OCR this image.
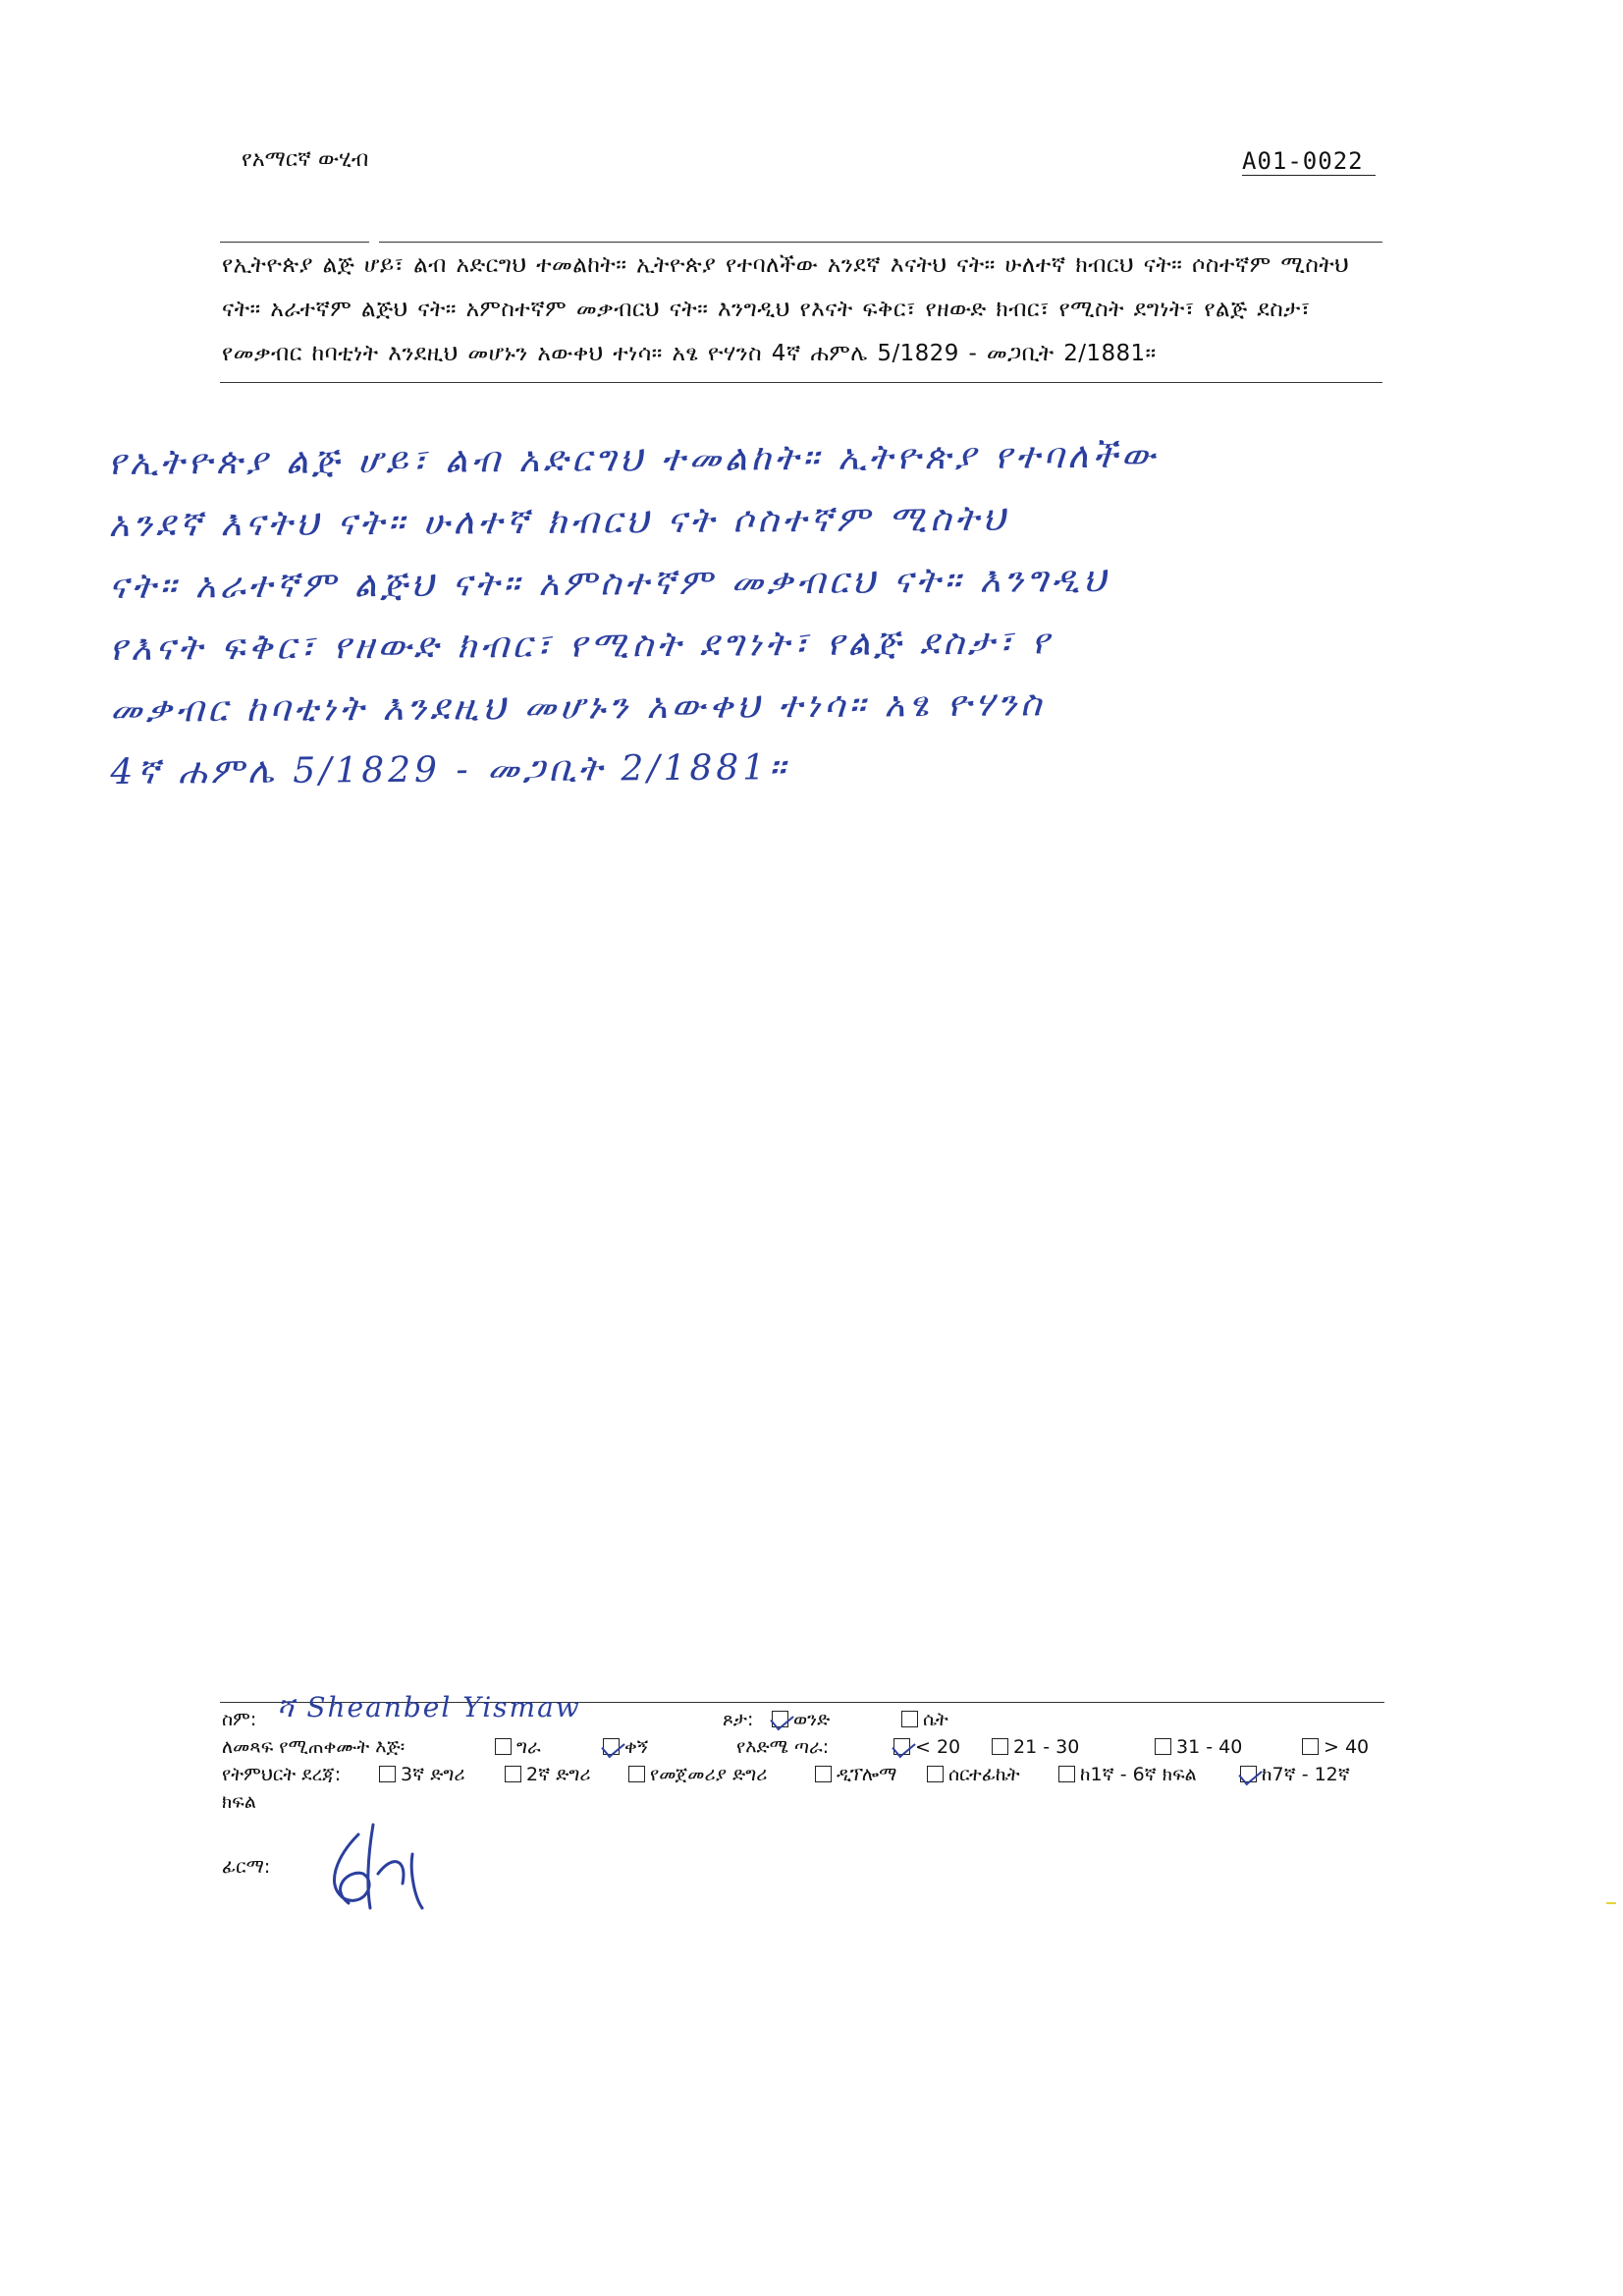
የአማርኛ ውሂብ	A01-0022
የኢትዮጵያ ልጅ ሆይ፣ ልብ አድርግህ ተመልከት። ኢትዮጵያ የተባለችው አንደኛ እናትህ ናት። ሁለተኛ ክብርህ ናት። ሶስተኛም ሚስትህ ናት። አራተኛም ልጅህ ናት። አምስተኛም መቃብርህ ናት። እንግዲህ የእናት ፍቅር፣ የዘውድ ክብር፣ የሚስት ደግነት፣ የልጅ ደስታ፣ የመቃብር ከባቲነት እንደዚህ መሆኑን አውቀህ ተነሳ። አፄ ዮሃንስ 4ኛ ሐምሌ 5/1829 - መጋቢት 2/1881።
የኢትዮጵያ ልጅ ሆይ፣ ልብ አድርግህ ተመልከት። ኢትዮጵያ የተባለችው
አንደኛ እናትህ ናት። ሁለተኛ ክብርህ ናት ሶስተኛም ሚስትህ
ናት። አራተኛም ልጅህ ናት። አምስተኛም መቃብርህ ናት። እንግዲህ
የእናት ፍቅር፣ የዘውድ ክብር፣ የሚስት ደግነት፣ የልጅ ደስታ፣ የ
መቃብር ከባቲነት እንደዚህ መሆኑን አውቀህ ተነሳ። አፄ ዮሃንስ
4ኛ ሐምሌ 5/1829 - መጋቢት 2/1881።
ስም: ሻ Sheanbel Yismaw	ጾታ:	ወንድ	ሴት
ለመጻፍ የሚጠቀሙት እጅ፡	ግራ	ቀኝ	የእድሜ ጣራ:	< 20	21 - 30	31 - 40	> 40
የትምህርት ደረጃ:	3ኛ ድግሪ	2ኛ ድግሪ	የመጀመሪያ ድግሪ	ዲፕሎማ	ሰርተፊኬት	ከ1ኛ - 6ኛ ክፍል	ከ7ኛ - 12ኛ
ክፍል
ፊርማ:
